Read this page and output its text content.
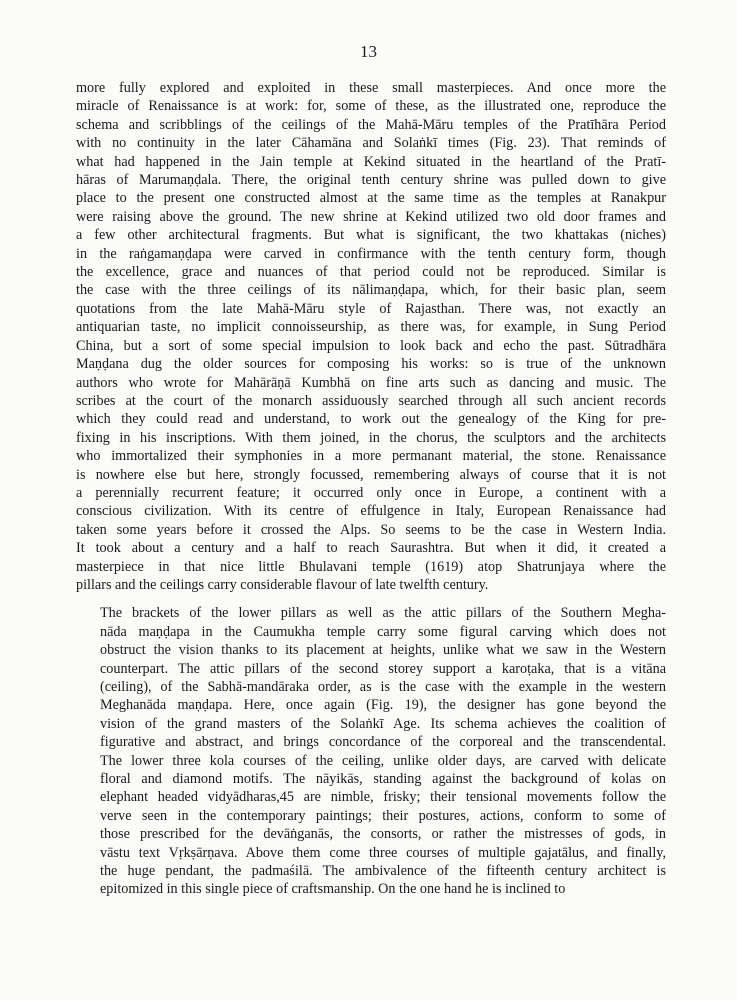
13

more fully explored and exploited in these small masterpieces. And once more the
miracle of Renaissance is at work: for, some of these, as the illustrated one, reproduce the
schema and scribblings of the ceilings of the Mahā-Māru temples of the Pratīhāra Period
with no continuity in the later Cāhamāna and Solaṅkī times (Fig. 23). That reminds of
what had happened in the Jain temple at Kekind situated in the heartland of the Pratī-
hāras of Marumaṇḍala. There, the original tenth century shrine was pulled down to give
place to the present one constructed almost at the same time as the temples at Ranakpur
were raising above the ground. The new shrine at Kekind utilized two old door frames and
a few other architectural fragments. But what is significant, the two khattakas (niches)
in the raṅgamaṇḍapa were carved in confirmance with the tenth century form, though
the excellence, grace and nuances of that period could not be reproduced. Similar is
the case with the three ceilings of its nālimaṇḍapa, which, for their basic plan, seem
quotations from the late Mahā-Māru style of Rajasthan. There was, not exactly an
antiquarian taste, no implicit connoisseurship, as there was, for example, in Sung Period
China, but a sort of some special impulsion to look back and echo the past. Sūtradhāra
Maṇḍana dug the older sources for composing his works: so is true of the unknown
authors who wrote for Mahārāṇā Kumbhā on fine arts such as dancing and music. The
scribes at the court of the monarch assiduously searched through all such ancient records
which they could read and understand, to work out the genealogy of the King for pre-
fixing in his inscriptions. With them joined, in the chorus, the sculptors and the architects
who immortalized their symphonies in a more permanant material, the stone. Renaissance
is nowhere else but here, strongly focussed, remembering always of course that it is not
a perennially recurrent feature; it occurred only once in Europe, a continent with a
conscious civilization. With its centre of effulgence in Italy, European Renaissance had
taken some years before it crossed the Alps. So seems to be the case in Western India.
It took about a century and a half to reach Saurashtra. But when it did, it created a
masterpiece in that nice little Bhulavani temple (1619) atop Shatrunjaya where the
pillars and the ceilings carry considerable flavour of late twelfth century.

The brackets of the lower pillars as well as the attic pillars of the Southern Megha-
nāda maṇḍapa in the Caumukha temple carry some figural carving which does not
obstruct the vision thanks to its placement at heights, unlike what we saw in the Western
counterpart. The attic pillars of the second storey support a karoṭaka, that is a vitāna
(ceiling), of the Sabhā-mandāraka order, as is the case with the example in the western
Meghanāda maṇḍapa. Here, once again (Fig. 19), the designer has gone beyond the
vision of the grand masters of the Solaṅkī Age. Its schema achieves the coalition of
figurative and abstract, and brings concordance of the corporeal and the transcendental.
The lower three kola courses of the ceiling, unlike older days, are carved with delicate
floral and diamond motifs. The nāyikās, standing against the background of kolas on
elephant headed vidyādharas,45 are nimble, frisky; their tensional movements follow the
verve seen in the contemporary paintings; their postures, actions, conform to some of
those prescribed for the devāṅganās, the consorts, or rather the mistresses of gods, in
vāstu text Vṛkṣārṇava. Above them come three courses of multiple gajatālus, and finally,
the huge pendant, the padmaśilā. The ambivalence of the fifteenth century architect is
epitomized in this single piece of craftsmanship. On the one hand he is inclined to
